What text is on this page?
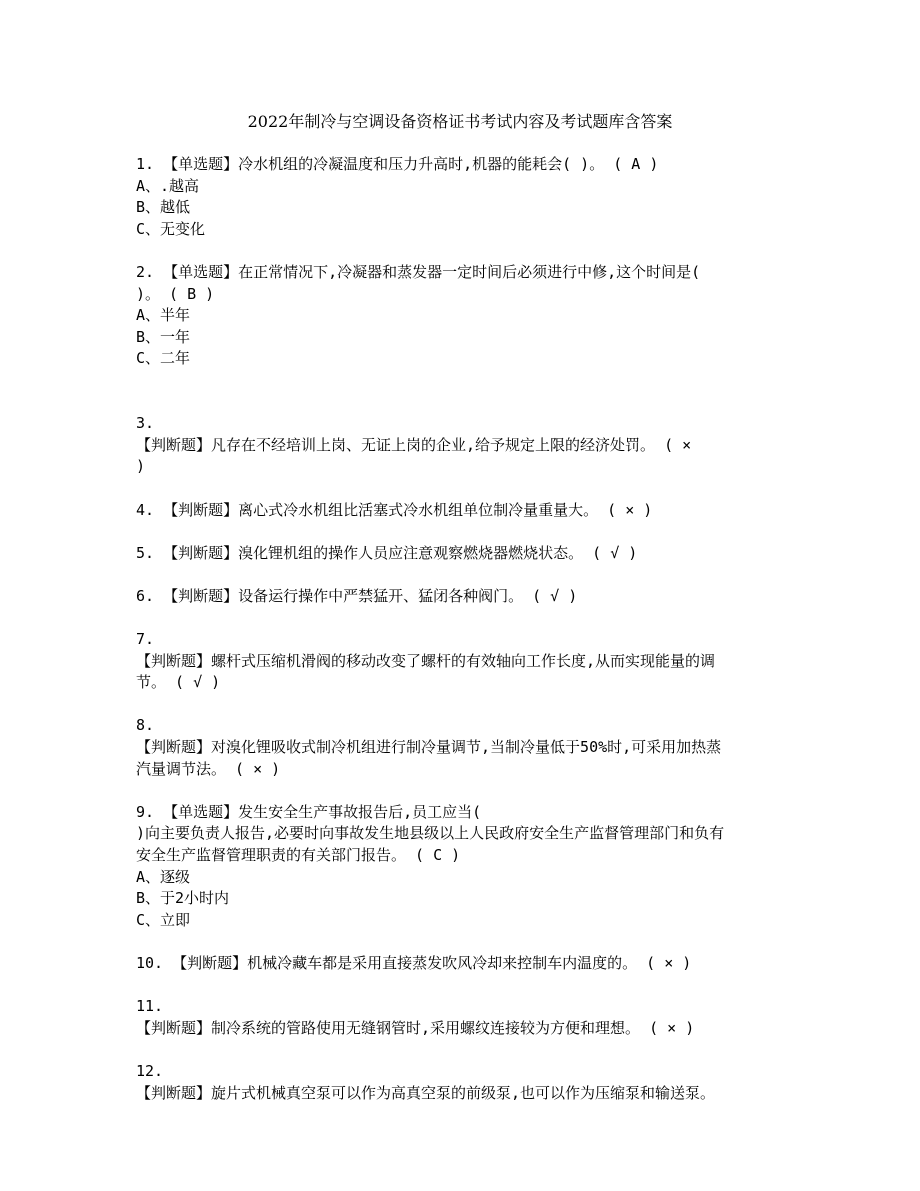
2022年制冷与空调设备资格证书考试内容及考试题库含答案
1. 【单选题】冷水机组的冷凝温度和压力升高时,机器的能耗会( )。 ( A )
A、.越高
B、越低
C、无变化
2. 【单选题】在正常情况下,冷凝器和蒸发器一定时间后必须进行中修,这个时间是(
)。 ( B )
A、半年
B、一年
C、二年
3.
【判断题】凡存在不经培训上岗、无证上岗的企业,给予规定上限的经济处罚。 ( ×
)
4. 【判断题】离心式冷水机组比活塞式冷水机组单位制冷量重量大。 ( × )
5. 【判断题】溴化锂机组的操作人员应注意观察燃烧器燃烧状态。 ( √ )
6. 【判断题】设备运行操作中严禁猛开、猛闭各种阀门。 ( √ )
7.
【判断题】螺杆式压缩机滑阀的移动改变了螺杆的有效轴向工作长度,从而实现能量的调
节。 ( √ )
8.
【判断题】对溴化锂吸收式制冷机组进行制冷量调节,当制冷量低于50%时,可采用加热蒸
汽量调节法。 ( × )
9. 【单选题】发生安全生产事故报告后,员工应当(
)向主要负责人报告,必要时向事故发生地县级以上人民政府安全生产监督管理部门和负有
安全生产监督管理职责的有关部门报告。 ( C )
A、逐级
B、于2小时内
C、立即
10. 【判断题】机械冷藏车都是采用直接蒸发吹风冷却来控制车内温度的。 ( × )
11.
【判断题】制冷系统的管路使用无缝钢管时,采用螺纹连接较为方便和理想。 ( × )
12.
【判断题】旋片式机械真空泵可以作为高真空泵的前级泵,也可以作为压缩泵和输送泵。
